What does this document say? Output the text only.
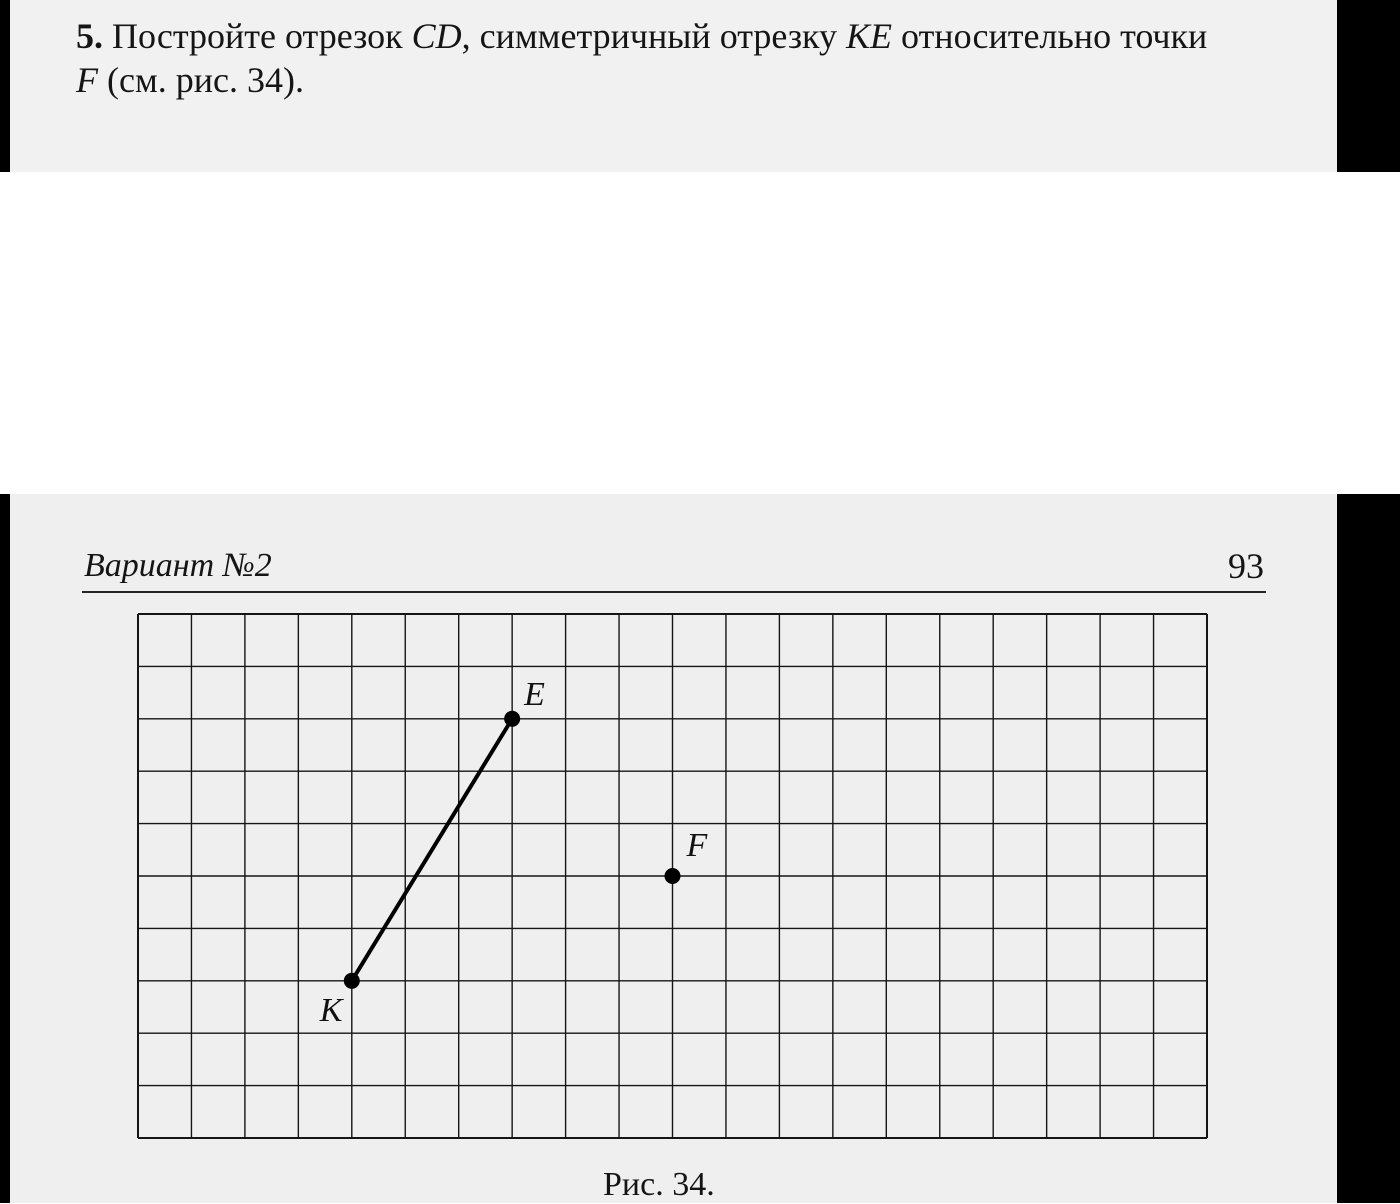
5. Постройте отрезок CD, симметричный отрезку KE относительно точки
F (см. рис. 34).
Вариант №2	93
E
F
K
Рис. 34.
